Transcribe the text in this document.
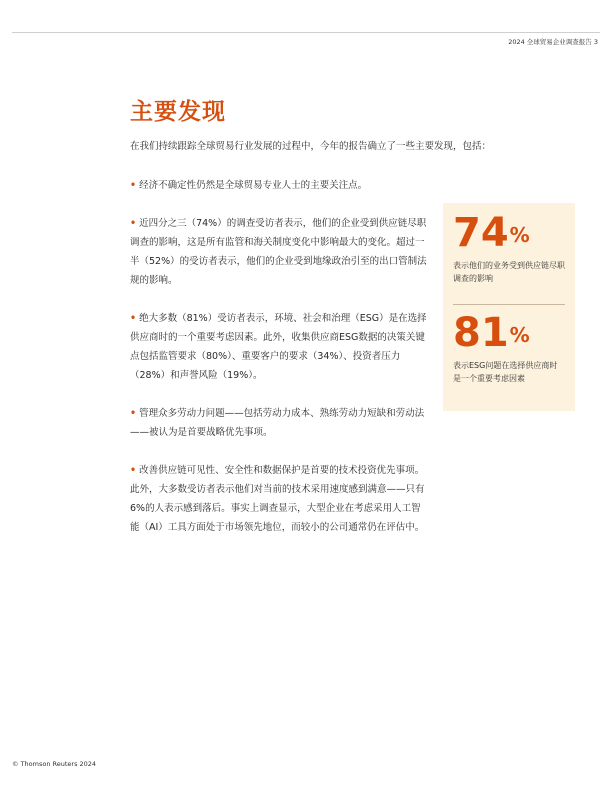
2024 全球贸易企业调查报告 3
主要发现

在我们持续跟踪全球贸易行业发展的过程中，今年的报告确立了一些主要发现，包括：

• 经济不确定性仍然是全球贸易专业人士的主要关注点。
• 近四分之三（74%）的调查受访者表示，他们的企业受到供应链尽职调查的影响，这是所有监管和海关制度变化中影响最大的变化。超过一半（52%）的受访者表示，他们的企业受到地缘政治引至的出口管制法规的影响。
• 绝大多数（81%）受访者表示，环境、社会和治理（ESG）是在选择供应商时的一个重要考虑因素。此外，收集供应商ESG数据的决策关键点包括监管要求（80%）、重要客户的要求（34%）、投资者压力（28%）和声誉风险（19%）。
• 管理众多劳动力问题——包括劳动力成本、熟练劳动力短缺和劳动法——被认为是首要战略优先事项。
• 改善供应链可见性、安全性和数据保护是首要的技术投资优先事项。此外，大多数受访者表示他们对当前的技术采用速度感到满意——只有6%的人表示感到落后。事实上调查显示，大型企业在考虑采用人工智能（AI）工具方面处于市场领先地位，而较小的公司通常仍在评估中。
74%
表示他们的业务受到供应链尽职调查的影响
81%
表示ESG问题在选择供应商时是一个重要考虑因素
© Thomson Reuters 2024
